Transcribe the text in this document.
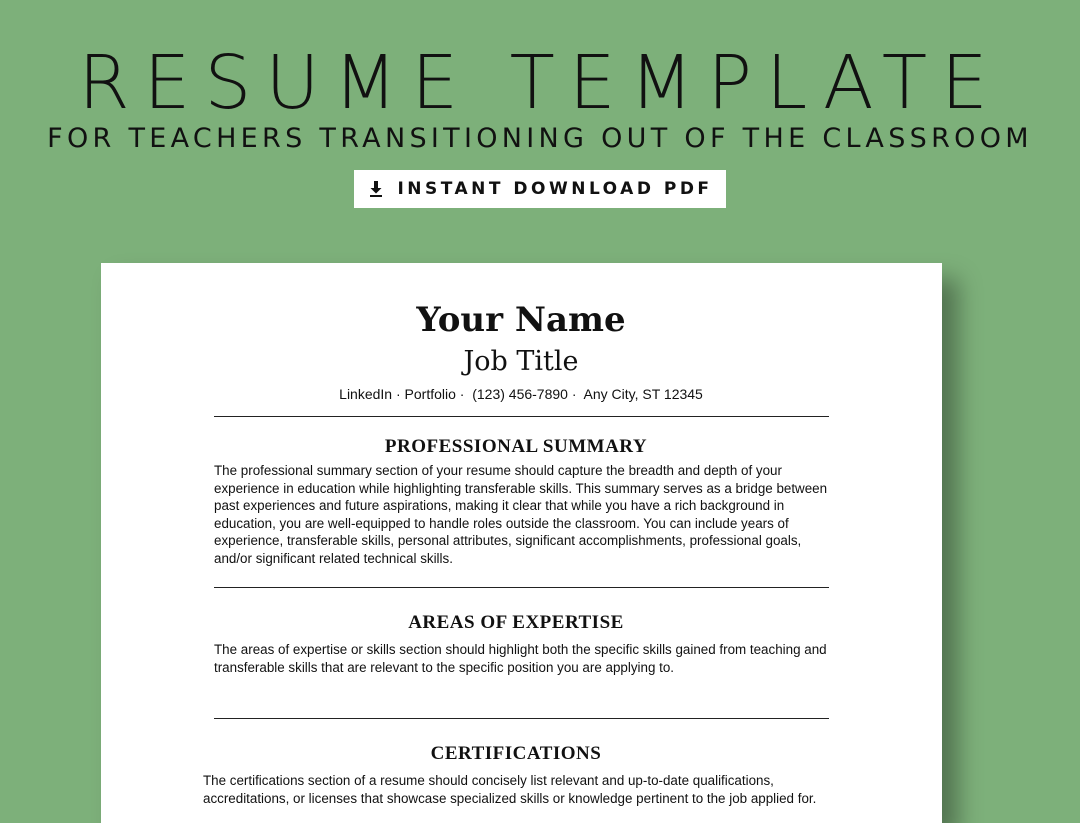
RESUME TEMPLATE
FOR TEACHERS TRANSITIONING OUT OF THE CLASSROOM
INSTANT DOWNLOAD PDF
Your Name
Job Title
LinkedIn · Portfolio ·  (123) 456-7890 ·  Any City, ST 12345
PROFESSIONAL SUMMARY

The professional summary section of your resume should capture the breadth and depth of your experience in education while highlighting transferable skills. This summary serves as a bridge between past experiences and future aspirations, making it clear that while you have a rich background in education, you are well-equipped to handle roles outside the classroom. You can include years of experience, transferable skills, personal attributes, significant accomplishments, professional goals, and/or significant related technical skills.

AREAS OF EXPERTISE

The areas of expertise or skills section should highlight both the specific skills gained from teaching and transferable skills that are relevant to the specific position you are applying to.

CERTIFICATIONS

The certifications section of a resume should concisely list relevant and up-to-date qualifications, accreditations, or licenses that showcase specialized skills or knowledge pertinent to the job applied for.
